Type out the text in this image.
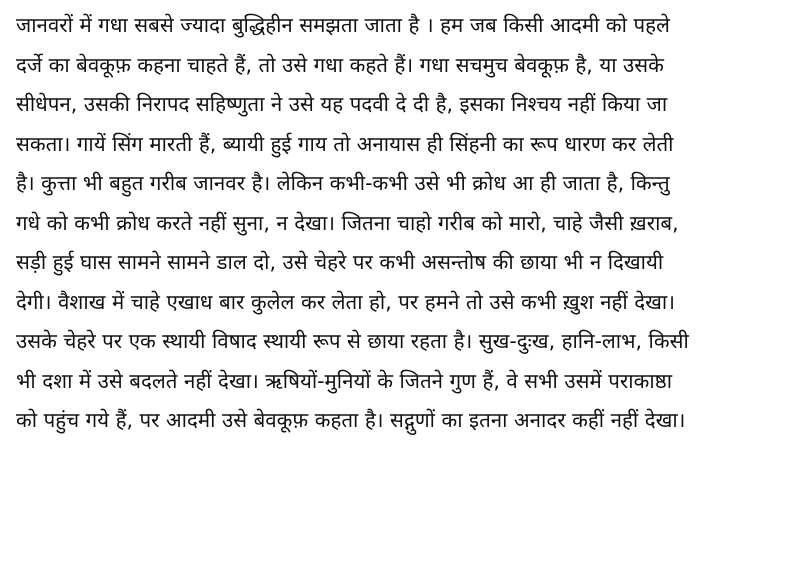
जानवरों में गधा सबसे ज्यादा बुद्धिहीन समझता जाता है । हम जब किसी आदमी को पहले
दर्जे का बेवकूफ़ कहना चाहते हैं, तो उसे गधा कहते हैं। गधा सचमुच बेवकूफ़ है, या उसके
सीधेपन, उसकी निरापद सहिष्णुता ने उसे यह पदवी दे दी है, इसका निश्चय नहीं किया जा
सकता। गायें सिंग मारती हैं, ब्यायी हुई गाय तो अनायास ही सिंहनी का रूप धारण कर लेती
है। कुत्ता भी बहुत गरीब जानवर है। लेकिन कभी-कभी उसे भी क्रोध आ ही जाता है, किन्तु
गधे को कभी क्रोध करते नहीं सुना, न देखा। जितना चाहो गरीब को मारो, चाहे जैसी ख़राब,
सड़ी हुई घास सामने सामने डाल दो, उसे चेहरे पर कभी असन्तोष की छाया भी न दिखायी
देगी। वैशाख में चाहे एखाध बार कुलेल कर लेता हो, पर हमने तो उसे कभी ख़ुश नहीं देखा।
उसके चेहरे पर एक स्थायी विषाद स्थायी रूप से छाया रहता है। सुख-दुःख, हानि-लाभ, किसी
भी दशा में उसे बदलते नहीं देखा। ऋषियों-मुनियों के जितने गुण हैं, वे सभी उसमें पराकाष्ठा
को पहुंच गये हैं, पर आदमी उसे बेवकूफ़ कहता है। सद्गुणों का इतना अनादर कहीं नहीं देखा।
